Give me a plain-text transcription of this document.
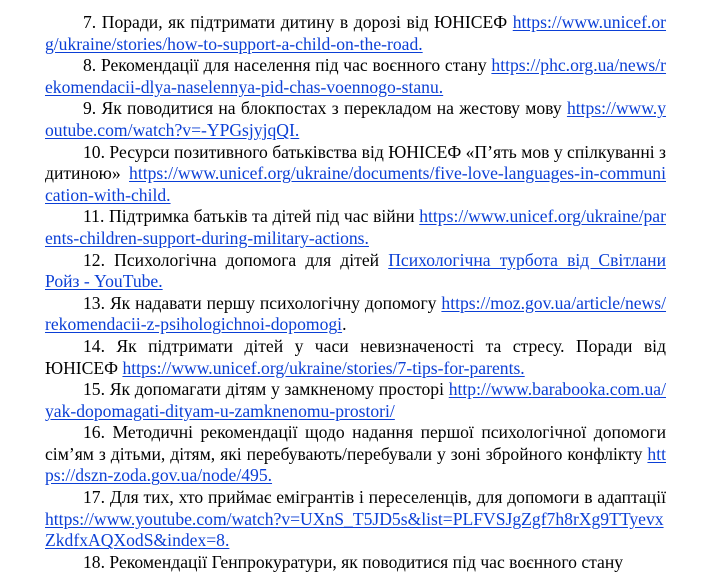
7. Поради, як підтримати дитину в дорозі від ЮНІСЕФ https://www.unicef.org/ukraine/stories/how-to-support-a-child-on-the-road.

8. Рекомендації для населення під час воєнного стану https://phc.org.ua/news/rekomendacii-dlya-naselennya-pid-chas-voennogo-stanu.

9. Як поводитися на блокпостах з перекладом на жестову мову https://www.youtube.com/watch?v=-YPGsjyjqQI.

10. Ресурси позитивного батьківства від ЮНІСЕФ «П’ять мов у спілкуванні з дитиною» https://www.unicef.org/ukraine/documents/five-love-languages-in-communication-with-child.

11. Підтримка батьків та дітей під час війни https://www.unicef.org/ukraine/parents-children-support-during-military-actions.

12. Психологічна допомога для дітей Психологічна турбота від Світлани Ройз - YouTube.

13. Як надавати першу психологічну допомогу https://moz.gov.ua/article/news/rekomendacii-z-psihologichnoi-dopomogi.

14. Як підтримати дітей у часи невизначеності та стресу. Поради від ЮНІСЕФ https://www.unicef.org/ukraine/stories/7-tips-for-parents.

15. Як допомагати дітям у замкненому просторі http://www.barabooka.com.ua/yak-dopomagati-dityam-u-zamknenomu-prostori/

16. Методичні рекомендації щодо надання першої психологічної допомоги сім’ям з дітьми, дітям, які перебувають/перебували у зоні збройного конфлікту https://dszn-zoda.gov.ua/node/495.

17. Для тих, хто приймає емігрантів і переселенців, для допомоги в адаптації https://www.youtube.com/watch?v=UXnS_T5JD5s&list=PLFVSJgZgf7h8rXg9TTyevxZkdfxAQXodS&index=8.

18. Рекомендації Генпрокуратури, як поводитися під час воєнного стану
